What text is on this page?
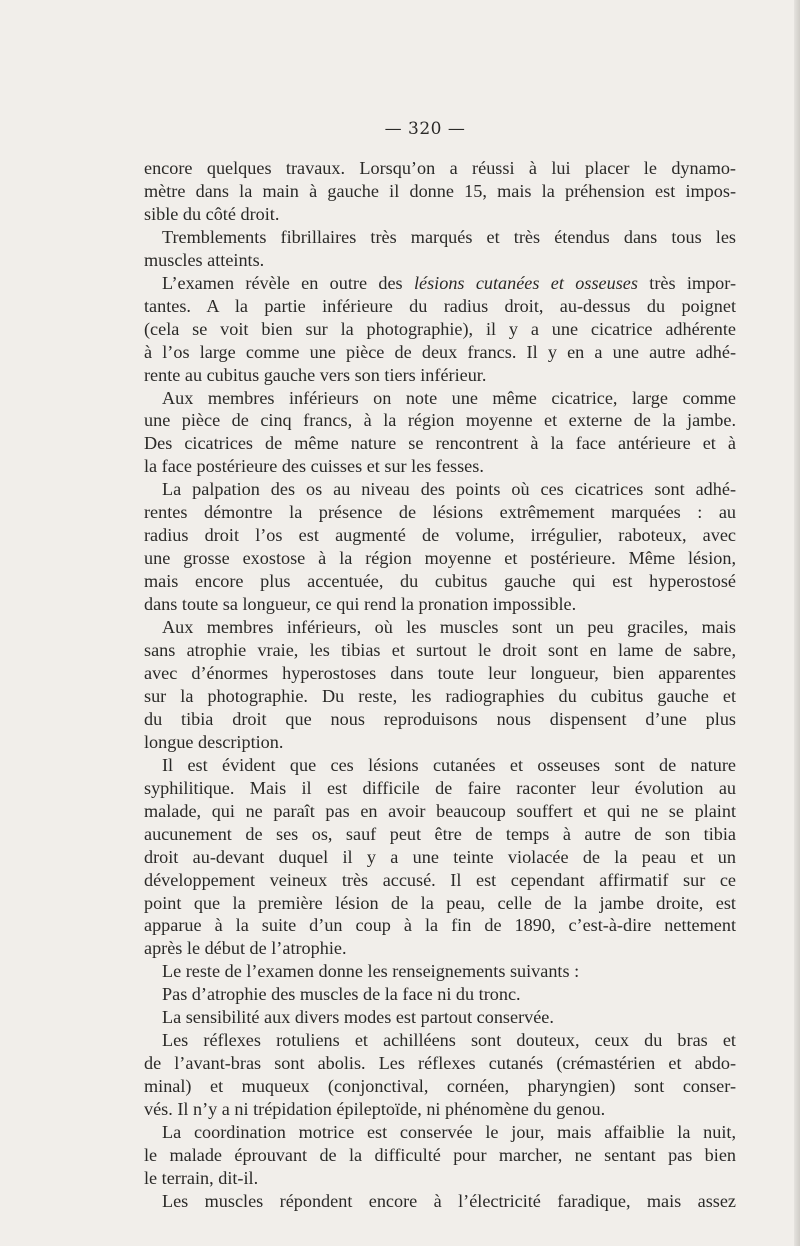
— 320 —
encore quelques travaux. Lorsqu’on a réussi à lui placer le dynamo-
mètre dans la main à gauche il donne 15, mais la préhension est impos-
sible du côté droit.
Tremblements fibrillaires très marqués et très étendus dans tous les
muscles atteints.
L’examen révèle en outre des lésions cutanées et osseuses très impor-
tantes. A la partie inférieure du radius droit, au-dessus du poignet
(cela se voit bien sur la photographie), il y a une cicatrice adhérente
à l’os large comme une pièce de deux francs. Il y en a une autre adhé-
rente au cubitus gauche vers son tiers inférieur.
Aux membres inférieurs on note une même cicatrice, large comme
une pièce de cinq francs, à la région moyenne et externe de la jambe.
Des cicatrices de même nature se rencontrent à la face antérieure et à
la face postérieure des cuisses et sur les fesses.
La palpation des os au niveau des points où ces cicatrices sont adhé-
rentes démontre la présence de lésions extrêmement marquées : au
radius droit l’os est augmenté de volume, irrégulier, raboteux, avec
une grosse exostose à la région moyenne et postérieure. Même lésion,
mais encore plus accentuée, du cubitus gauche qui est hyperostosé
dans toute sa longueur, ce qui rend la pronation impossible.
Aux membres inférieurs, où les muscles sont un peu graciles, mais
sans atrophie vraie, les tibias et surtout le droit sont en lame de sabre,
avec d’énormes hyperostoses dans toute leur longueur, bien apparentes
sur la photographie. Du reste, les radiographies du cubitus gauche et
du tibia droit que nous reproduisons nous dispensent d’une plus
longue description.
Il est évident que ces lésions cutanées et osseuses sont de nature
syphilitique. Mais il est difficile de faire raconter leur évolution au
malade, qui ne paraît pas en avoir beaucoup souffert et qui ne se plaint
aucunement de ses os, sauf peut être de temps à autre de son tibia
droit au-devant duquel il y a une teinte violacée de la peau et un
développement veineux très accusé. Il est cependant affirmatif sur ce
point que la première lésion de la peau, celle de la jambe droite, est
apparue à la suite d’un coup à la fin de 1890, c’est-à-dire nettement
après le début de l’atrophie.
Le reste de l’examen donne les renseignements suivants :
Pas d’atrophie des muscles de la face ni du tronc.
La sensibilité aux divers modes est partout conservée.
Les réflexes rotuliens et achilléens sont douteux, ceux du bras et
de l’avant-bras sont abolis. Les réflexes cutanés (crémastérien et abdo-
minal) et muqueux (conjonctival, cornéen, pharyngien) sont conser-
vés. Il n’y a ni trépidation épileptoïde, ni phénomène du genou.
La coordination motrice est conservée le jour, mais affaiblie la nuit,
le malade éprouvant de la difficulté pour marcher, ne sentant pas bien
le terrain, dit-il.
Les muscles répondent encore à l’électricité faradique, mais assez
